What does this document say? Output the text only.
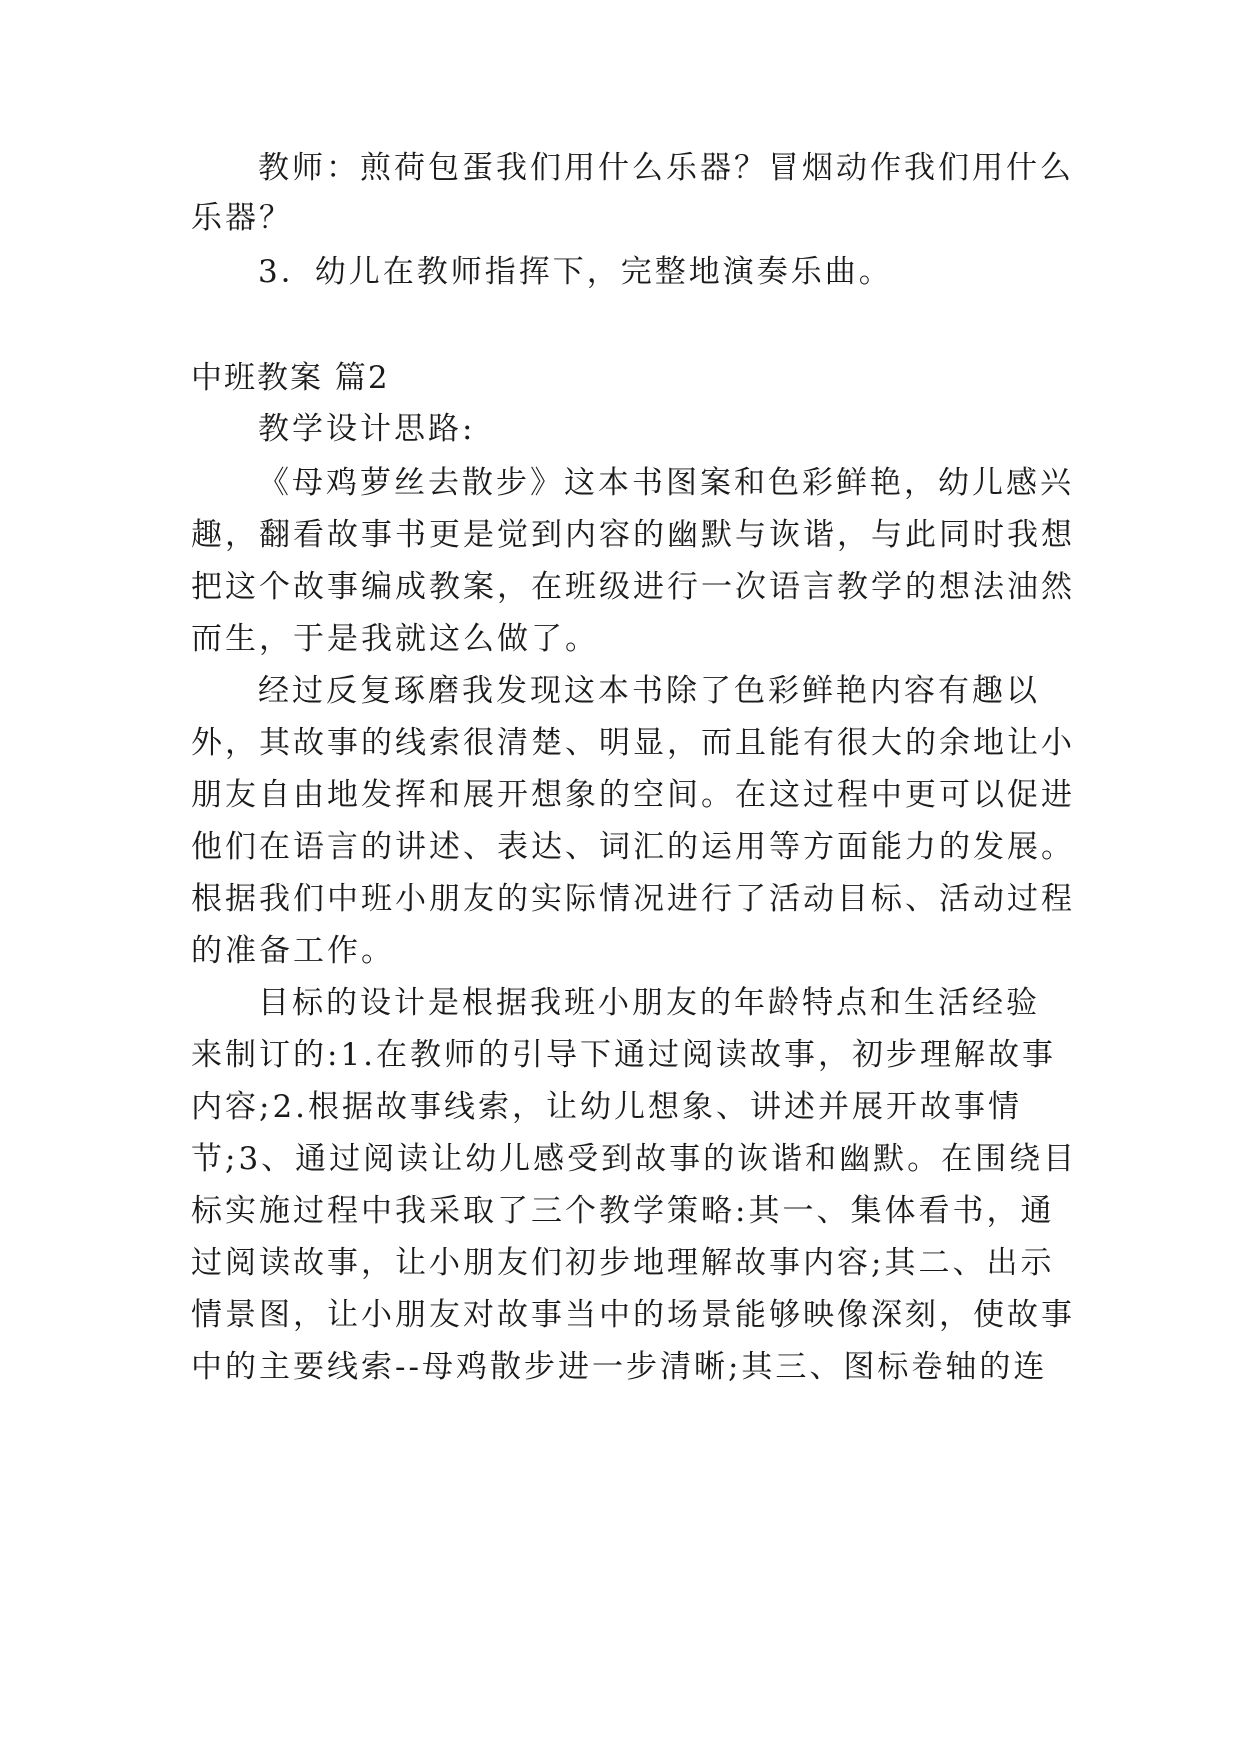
教师：煎荷包蛋我们用什么乐器？冒烟动作我们用什么
乐器？
3．幼儿在教师指挥下，完整地演奏乐曲。
中班教案 篇2
教学设计思路:
《母鸡萝丝去散步》这本书图案和色彩鲜艳，幼儿感兴
趣，翻看故事书更是觉到内容的幽默与诙谐，与此同时我想
把这个故事编成教案，在班级进行一次语言教学的想法油然
而生，于是我就这么做了。
经过反复琢磨我发现这本书除了色彩鲜艳内容有趣以
外，其故事的线索很清楚、明显，而且能有很大的余地让小
朋友自由地发挥和展开想象的空间。在这过程中更可以促进
他们在语言的讲述、表达、词汇的运用等方面能力的发展。
根据我们中班小朋友的实际情况进行了活动目标、活动过程
的准备工作。
目标的设计是根据我班小朋友的年龄特点和生活经验
来制订的:1.在教师的引导下通过阅读故事，初步理解故事
内容;2.根据故事线索，让幼儿想象、讲述并展开故事情
节;3、通过阅读让幼儿感受到故事的诙谐和幽默。在围绕目
标实施过程中我采取了三个教学策略:其一、集体看书，通
过阅读故事，让小朋友们初步地理解故事内容;其二、出示
情景图，让小朋友对故事当中的场景能够映像深刻，使故事
中的主要线索--母鸡散步进一步清晰;其三、图标卷轴的连
